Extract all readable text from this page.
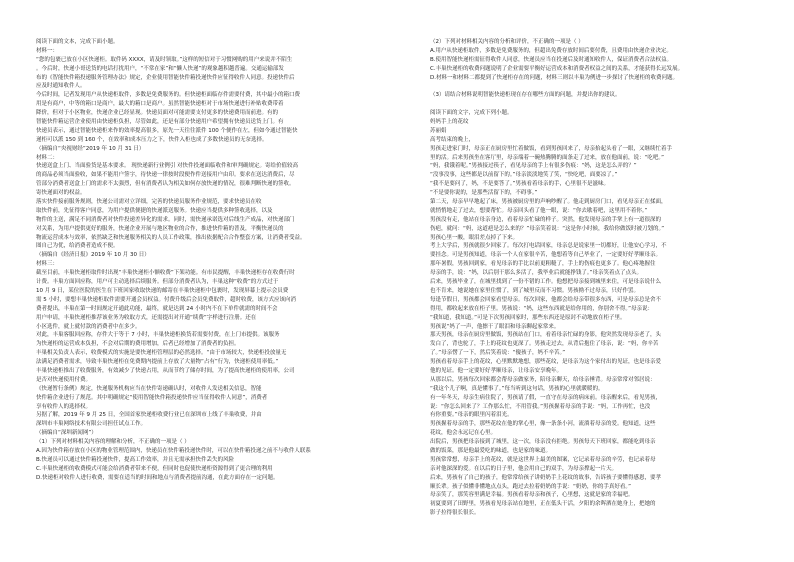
阅读下面的文本，完成下面小题。
材料一：
“您的包裹已放在小区快递柜。取件码 XXXX，请及时领取。”这样的短信对于习惯网购的用户来说并不陌生
。今后时，快递小哥送货的电话打扰用户，“不常在家”和“懒人快递”的观象越积越普遍。交通运输部发
布的《智能快件箱投递服务管理办法》规定，企业使用智能快件箱投递快件应征得收件人同意。投递快件后
应及时通知收件人。
今后时间，记者发现用户从快递柜取件，多数是免费服务的。但快递柜面临存件需要付费，其中最小的箱口费
用是有商户，中等的箱口是商户，最大的箱口是商户。虽然智能快递柜对于市场快递进行补贴收费带着
降价，但对于小区物业，快递企业已经显现。快递员面对可能需要支付更多的快递费用而前进。有的
智能快件箱运营企业使用由快递柜负担，尽管如此，还是有部分快递用户希望拥有快递员送货上门。有
快递员表示，通过智能快递柜来作的效率提高很多，原先一天往往派件 100 个便作在左，但如今通过智能快
递柜可以派 150 到 160 个，在效率和成本压力之下，快件入柜也成了多数快递员的无奈选择。
（摘编自“央视财经”2019 年 10 月 31 日）
材料二：
快递送盒上门、当面验货是基本要求。 现快递新行业例引 对快件投递面临收件和审判确规定。寄给价值较高
的商品必须当面验收，如果不能用户签字，待快递一律按时段便作件送接用户由印。要求在送达消费后，尽
管部分消费者送盒上门的需求不太强烈，但有消费者认为相关如何存放快递的情况，很难判断快递的签收。
寄快递面对的权益。
落实快件接前服务规则，快递公司需对立详细，完善的快递员服务作业规范，要求快递员在收
取快件前，先征得客户同意，为用户提供便捷的快递派送服务。快递应当提供多种签收选择，以及
物件的主送，满足不同消费者对快件投递差异化的需求。同时，需快递承诺选对后线生产成品，对快递部门
对关系，为用户提供更好的服务，快递企业开展与地区物业的合作，推进快件箱的普及，平衡快递员的
物流运营成本与效率，依然缺乏和快递服务相关的人员工作政策，推出依据配合合作整套方案，让消费者受益。
图自己为优，给消费者造成不便。
（摘编自《经济日报》2019 年 10 月 30 日）
材料三：
截至目前，丰巢快递柜取件时出现“丰巢快递柜小额收费”下架功能。有市民提醒，丰巢快递柜存在收费行时
计费。丰巢方面回应称，用户可主动选择后续服务。但部分消费者认为，丰巢这种“收费”的方式过于
10 月 9 日，某位医院的医生在下班回家收取快递的邮寄在丰巢快递柜中包裹时，发现屏幕上提示会员费
需 5 小时，要想丰巢快递柜取件需要开通会员权益。付费升级后会员免费取件，超时收费，该方式应该向消
费者提出，丰巢在第一时间规定开通此功能，最终，就是达到 24 小时内不在下单件就需的时间不会
用户申请，丰巢快递柜推荐该业务为收取方式，还需提出对开通“续费”字样进行注册。还在
小区选件，就上就付款的消费者中在多少。
对此，丰巢客服回应称，存件大于等于 7 小时，丰巢快递柜换货若需要付费，在上门市提供。该服务
为快递柜的运营成本负担，不会对后期的费用增加，后者已经增加了消费者的负担。
丰巢相关负责人表示，收费模式的实施是要快递柜管理层的必然选择。“由于市场较大，快递柜投放量无
法满足消费者需求，导致丰巢快递柜在免费期内提前上存放了大量物“占有”行为，快递柜使用率低。”
丰巢快递柜推出了收费服务，有效减少了快递占用，从而节约了储存时间，为了提高快递柜的使用率，公司
是否对快递使用付费。
《快递暂行条例》规定，快递服务机构应当在快件寄递确认时，对收件人发送相关信息，智能
快件箱企业进行了规范。其中明确规定“使用智能快件箱投递快件应当征得收件人同意”，消费者
享有收件人的选择权。
另据了解，2019 年 9 月 25 日，全国首家快递柜收费行业已在深圳市上线了丰巢收费，并由
深圳市丰巢网络技术有限公司担任试点工作。
（摘编自“深圳新闻网”）
（1）下列对材料相关内容的理解和分析，不正确的一项是（ ）
A.因为快件箱存放在小区的物业管理范围内，快递员在快件箱投递快件时，可以在快件箱投递之前不与收件人联系
B.快递员可以通过快件箱投递快件，提高工作效率，并且无需承担快件丢失的风险
C.丰巢快递柜的收费模式可能会给消费者带来不便，但同时也促使快递柜资源得到了更合理的利用
D.快递柜对收件人进行收费，需要在适当的时间和地点与消费者提前沟通，在此方面存在一定问题。
（2）下列对材料相关内容的分析和评价，不正确的一项是（ ）
A.用户从快递柜取件，多数是免费服务的，但超出免费存放时间后要付费，且费用由快递企业决定。
B.使用智能快递柜需征得收件人同意，快递员应当在投递后及时通知收件人，保证消费者合法权益。
C.丰巢快递柜的收费问题说明了企业需要平衡好运营成本和消费者权益之间的关系，才能获得长远发展。
D.材料一和材料二都提到了快递柜存在的问题，材料三则以丰巢为例进一步探讨了快递柜的收费问题。
（3）请结合材料说明智能快递柜现在存在哪些方面的问题，并提出你的建议。
阅读下面的文字，完成下列小题。
妈妈手上的花纹
苏丽娟
高考结束的晚上，
男孩走进家门时，母亲正在厨房里忙着做饭，看到男孩回来了，母亲抬起头看了一眼，又继续忙着手
里的活。后来男孩坐在客厅里，母亲端着一碗热腾腾的面条走了过来，放在他面前，说：“吃吧。”
“妈，我饿着呢。”男孩接过筷子，看见母亲的手上有很多伤痕：“妈，这是怎么弄的？”
“没事没事，这些都是以前留下的。”母亲淡淡地笑了笑，“快吃吧，面要凉了。”
“我不是要问了，妈，不是要答了。”男孩看着母亲的手，心里很不是滋味。
“不是要你说的，是那些活留下的，不碍事。”
第二天，母亲早早地起了床，男孩被厨房里的声响吵醒了。他走到厨房门口，看见母亲正在揉面，
就悄悄地走了过去，想要帮忙。母亲回头看了他一眼，说：“你去歇着吧，这里用不着你。”
男孩没有走，他站在母亲身边，看着母亲忙碌的样子。突然，他发现母亲的手掌上有一道很深的
伤疤，就问：“妈，这道疤是怎么来的？”母亲笑着说：“这是你小时候，我给你做饭时被刀划的。”
男孩心里一酸，眼泪差点掉了下来。
考上大学后，男孩就很少回家了。每次打电话回家，母亲总是说家里一切都好，让他安心学习，不
要挂念。可是男孩知道，母亲一个人在家很辛苦，他想着等自己毕业了，一定要好好孝顺母亲。
那年暑假，男孩回到家，看见母亲的手比以前更粗糙了，手上的伤痕也更多了。他心疼地握住
母亲的手，说：“妈，以后别干那么多活了，我毕业后就能挣钱了。”母亲笑着点了点头。
后来，男孩毕业了，在城里找到了一份不错的工作。他想把母亲接到城里来住，可是母亲说什么
也不肯来，她说她在家里住惯了，到了城里反而不习惯。男孩拗不过母亲，只好作罢。
每逢节假日，男孩都会回家看望母亲。每次回家，他都会给母亲带很多东西，可是母亲总是舍不
得用，都收起来放在柜子里。男孩说：“妈，这些东西就是给你用的，你别舍不得。”母亲说：
“我知道，我知道。”可是下次男孩回家时，那些东西还是原封不动地放在柜子里。
男孩说“妈了一声，他擦干了眼泪和母亲聊起家常来。
那天男孩，母亲在厨房里做饭，男孩站在门口，看着母亲忙碌的身影，他突然发现母亲老了，头
发白了，背也驼了，手上的花纹也更深了。男孩走过去，从背后抱住了母亲，说：“妈，你辛苦
了。”母亲愣了一下，然后笑着说：“傻孩子，妈不辛苦。”
男孩看着母亲手上的花纹，心里默默地想，那些花纹，是母亲为这个家付出的见证，也是母亲爱
他的见证。他一定要好好孝顺母亲，让母亲安享晚年。
从那以后，男孩每次回家都会帮母亲做家务，陪母亲聊天，给母亲捶背。母亲常常对邻居说：
“我这个儿子啊，真是懂事了。”每当听到这句话，男孩的心里就暖暖的。
有一年冬天，母亲生病住院了，男孩请了假，一直守在母亲的病床前。母亲醒来后，看见男孩，
说：“你怎么回来了？工作那么忙，不用管我。”男孩握着母亲的手说：“妈，工作再忙，也没
有你重要。”母亲的眼里闪着泪光。
男孩握着母亲的手，那些花纹在他的掌心里，像一条条小河，流淌着母亲的爱。他知道，这些
花纹，他会永远记在心里。
出院后，男孩把母亲接到了城里，这一次，母亲没有拒绝。男孩每天下班回家，都能吃到母亲
做的饭菜，那是他最爱吃的味道，也是家的味道。
男孩常常想，母亲手上的花纹，就是这世界上最美的图案，它记录着母亲的辛劳，也记录着母
亲对他深深的爱。在以后的日子里，他会用自己的双手，为母亲撑起一片天。
后来，男孩有了自己的孩子，他常常给孩子讲奶奶手上花纹的故事，告诉孩子要懂得感恩，要孝
顺长辈。孩子似懂非懂地点点头，跑过去拉着奶奶的手说：“奶奶，你的手真好看。”
母亲笑了，那笑容里满是幸福。男孩看着母亲和孩子，心里想，这就是家的幸福吧。
初夏要到了田野里，男孩看见母亲站在地里，正在低头干活，夕阳的余晖洒在她身上，把她的
影子拉得很长很长。
